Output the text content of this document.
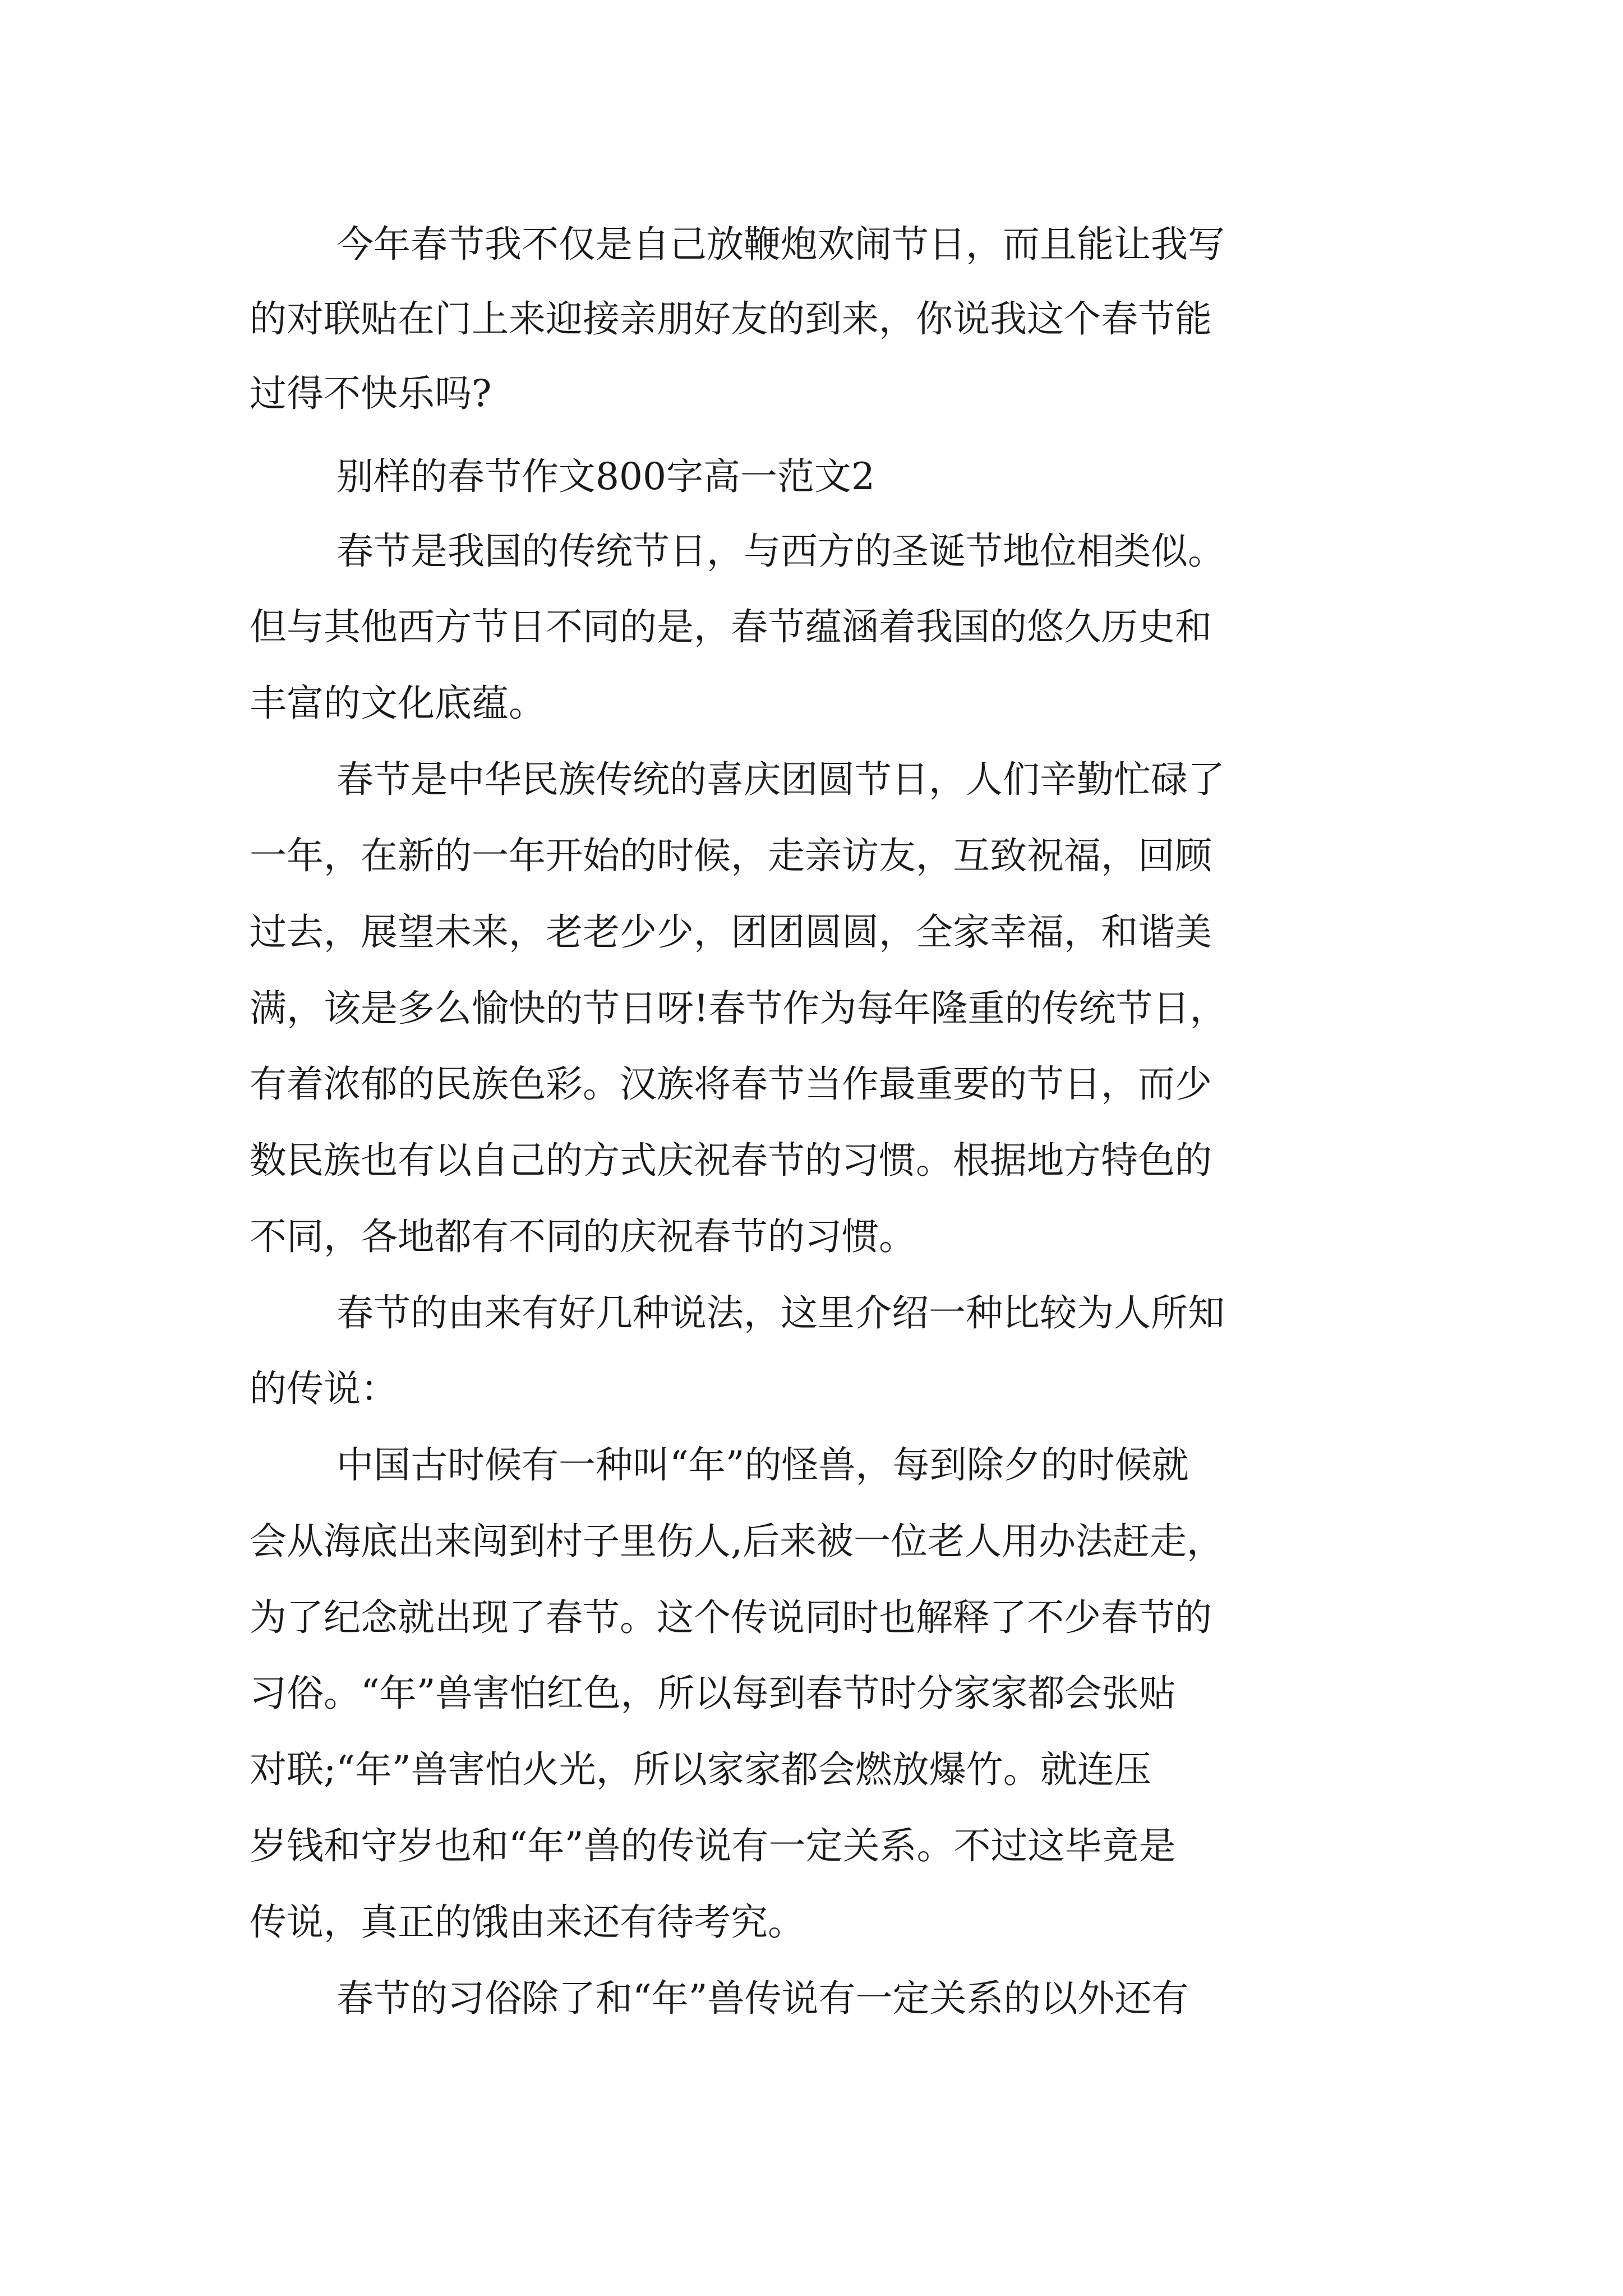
今年春节我不仅是自己放鞭炮欢闹节日，而且能让我写

的对联贴在门上来迎接亲朋好友的到来，你说我这个春节能

过得不快乐吗?

别样的春节作文800字高一范文2

春节是我国的传统节日，与西方的圣诞节地位相类似。

但与其他西方节日不同的是，春节蕴涵着我国的悠久历史和

丰富的文化底蕴。

春节是中华民族传统的喜庆团圆节日，人们辛勤忙碌了

一年，在新的一年开始的时候，走亲访友，互致祝福，回顾

过去，展望未来，老老少少，团团圆圆，全家幸福，和谐美

满，该是多么愉快的节日呀!春节作为每年隆重的传统节日，

有着浓郁的民族色彩。汉族将春节当作最重要的节日，而少

数民族也有以自己的方式庆祝春节的习惯。根据地方特色的

不同，各地都有不同的庆祝春节的习惯。

春节的由来有好几种说法，这里介绍一种比较为人所知

的传说：

中国古时候有一种叫“年”的怪兽，每到除夕的时候就

会从海底出来闯到村子里伤人,后来被一位老人用办法赶走，

为了纪念就出现了春节。这个传说同时也解释了不少春节的

习俗。“年”兽害怕红色，所以每到春节时分家家都会张贴

对联;“年”兽害怕火光，所以家家都会燃放爆竹。就连压

岁钱和守岁也和“年”兽的传说有一定关系。不过这毕竟是

传说，真正的饿由来还有待考究。

春节的习俗除了和“年”兽传说有一定关系的以外还有
